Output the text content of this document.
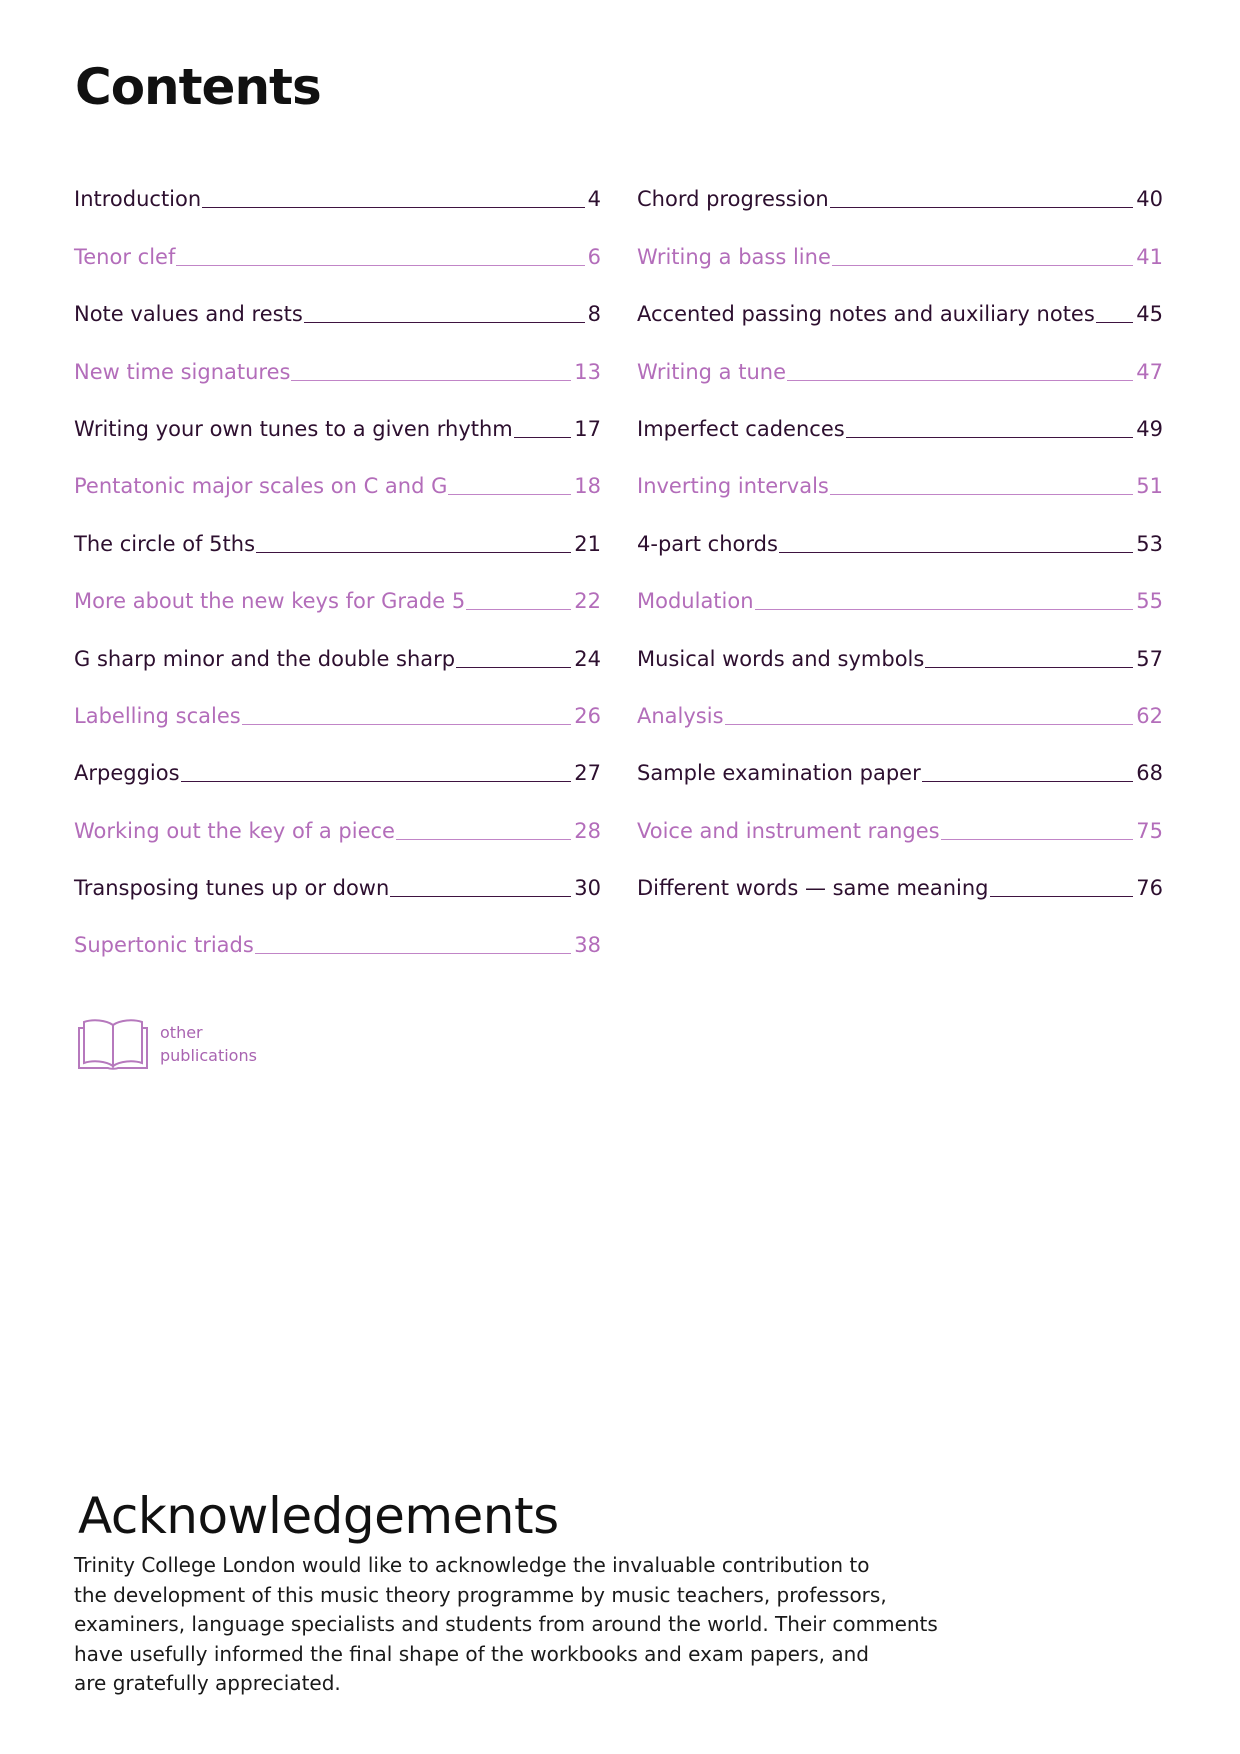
Contents
Introduction	4
Tenor clef	6
Note values and rests	8
New time signatures	13
Writing your own tunes to a given rhythm	17
Pentatonic major scales on C and G	18
The circle of 5ths	21
More about the new keys for Grade 5	22
G sharp minor and the double sharp	24
Labelling scales	26
Arpeggios	27
Working out the key of a piece	28
Transposing tunes up or down	30
Supertonic triads	38
Chord progression	40
Writing a bass line	41
Accented passing notes and auxiliary notes 45
Writing a tune	47
Imperfect cadences	49
Inverting intervals	51
4-part chords	53
Modulation	55
Musical words and symbols	57
Analysis	62
Sample examination paper	68
Voice and instrument ranges	75
Different words — same meaning	76
other
publications
Acknowledgements

Trinity College London would like to acknowledge the invaluable contribution to
the development of this music theory programme by music teachers, professors,
examiners, language specialists and students from around the world. Their comments
have usefully informed the final shape of the workbooks and exam papers, and
are gratefully appreciated.
